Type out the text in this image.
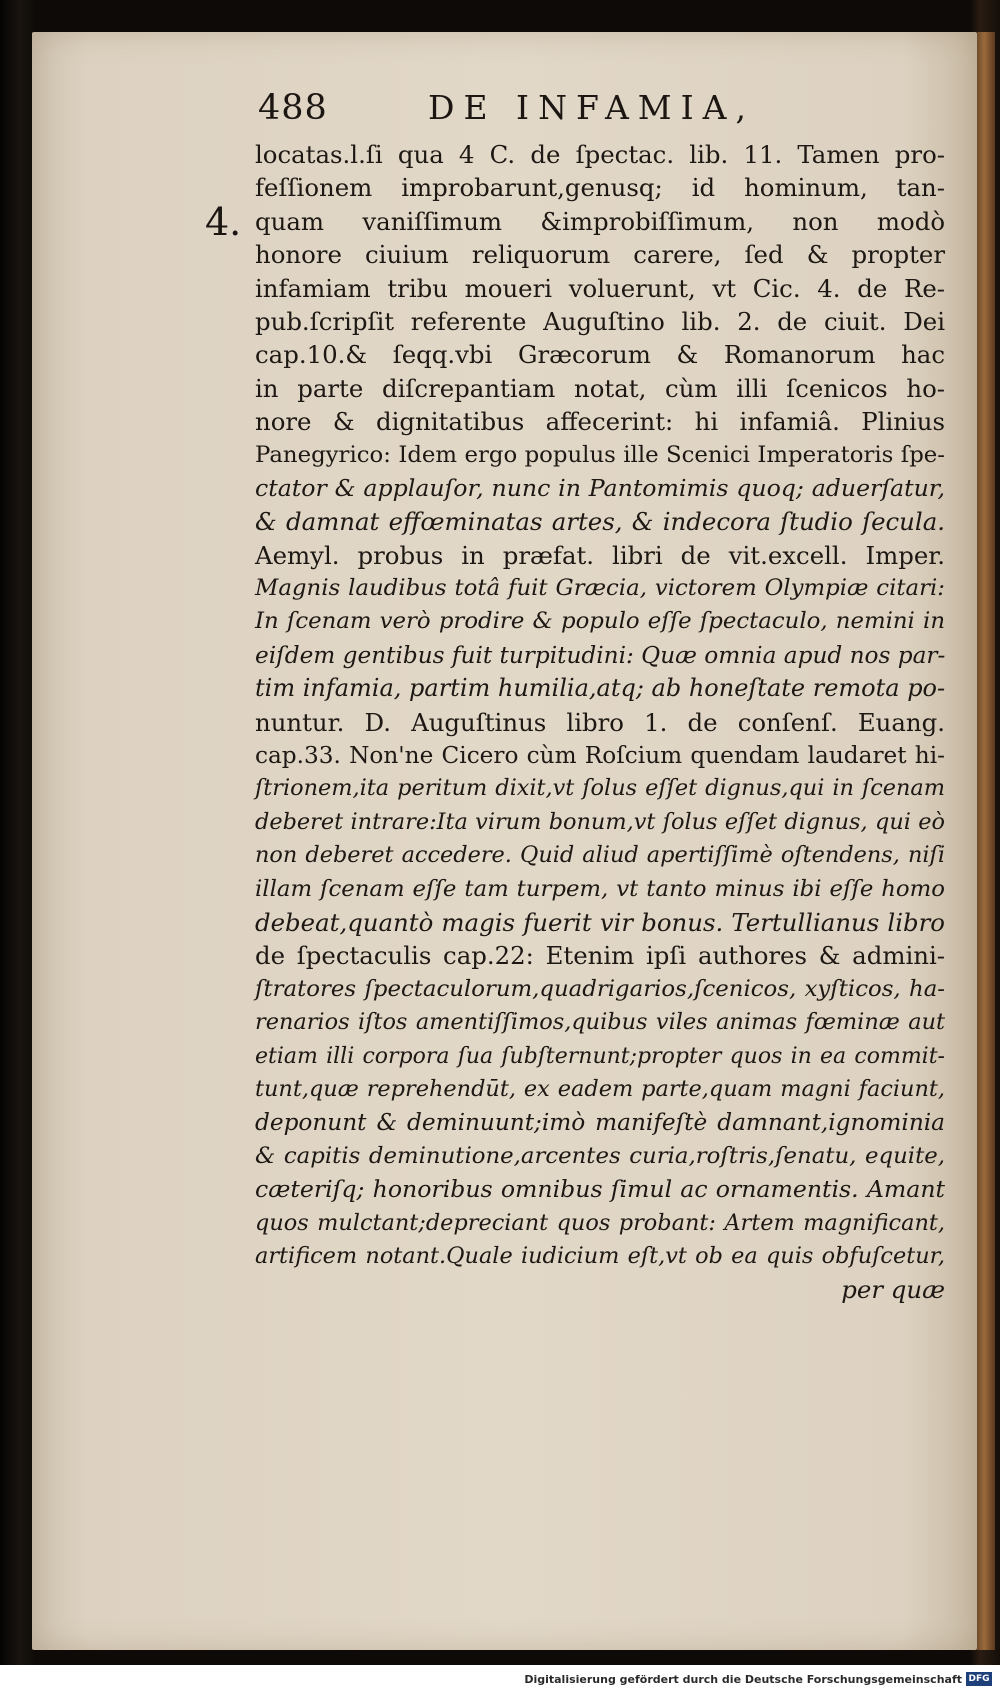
488	DE INFAMIA,
4.
locatas.l.ſi qua 4 C. de ſpectac. lib. 11. Tamen pro-
feſſionem improbarunt,genusq; id hominum, tan-
quam vaniſſimum &improbiſſimum, non modò
honore ciuium reliquorum carere, ſed & propter
infamiam tribu moueri voluerunt, vt Cic. 4. de Re-
pub.ſcripſit referente Auguſtino lib. 2. de ciuit. Dei
cap.10.& ſeqq.vbi Græcorum & Romanorum hac
in parte diſcrepantiam notat, cùm illi ſcenicos ho-
nore & dignitatibus affecerint: hi infamiâ. Plinius
Panegyrico: Idem ergo populus ille Scenici Imperatoris ſpe-
ctator & applauſor, nunc in Pantomimis quoq; aduerſatur,
& damnat effœminatas artes, & indecora ſtudio ſecula.
Aemyl. probus in præfat. libri de vit.excell. Imper.
Magnis laudibus totâ fuit Græcia, victorem Olympiæ citari:
In ſcenam verò prodire & populo eſſe ſpectaculo, nemini in
eiſdem gentibus fuit turpitudini: Quæ omnia apud nos par-
tim infamia, partim humilia,atq; ab honeſtate remota po-
nuntur. D. Auguſtinus libro 1. de conſenſ. Euang.
cap.33. Non'ne Cicero cùm Roſcium quendam laudaret hi-
ſtrionem,ita peritum dixit,vt ſolus eſſet dignus,qui in ſcenam
deberet intrare:Ita virum bonum,vt ſolus eſſet dignus, qui eò
non deberet accedere. Quid aliud apertiſſimè oſtendens, niſi
illam ſcenam eſſe tam turpem, vt tanto minus ibi eſſe homo
debeat,quantò magis fuerit vir bonus. Tertullianus libro
de ſpectaculis cap.22: Etenim ipſi authores & admini-
ſtratores ſpectaculorum,quadrigarios,ſcenicos, xyſticos, ha-
renarios iſtos amentiſſimos,quibus viles animas fœminæ aut
etiam illi corpora ſua ſubſternunt;propter quos in ea commit-
tunt,quæ reprehendūt, ex eadem parte,quam magni faciunt,
deponunt & deminuunt;imò manifeſtè damnant,ignominia
& capitis deminutione,arcentes curia,roſtris,ſenatu, equite,
cæteriſq; honoribus omnibus ſimul ac ornamentis. Amant
quos mulctant;depreciant quos probant: Artem magnificant,
artificem notant.Quale iudicium eſt,vt ob ea quis obfuſcetur,
per quæ
Digitalisierung gefördert durch die Deutsche Forschungsgemeinschaft DFG
